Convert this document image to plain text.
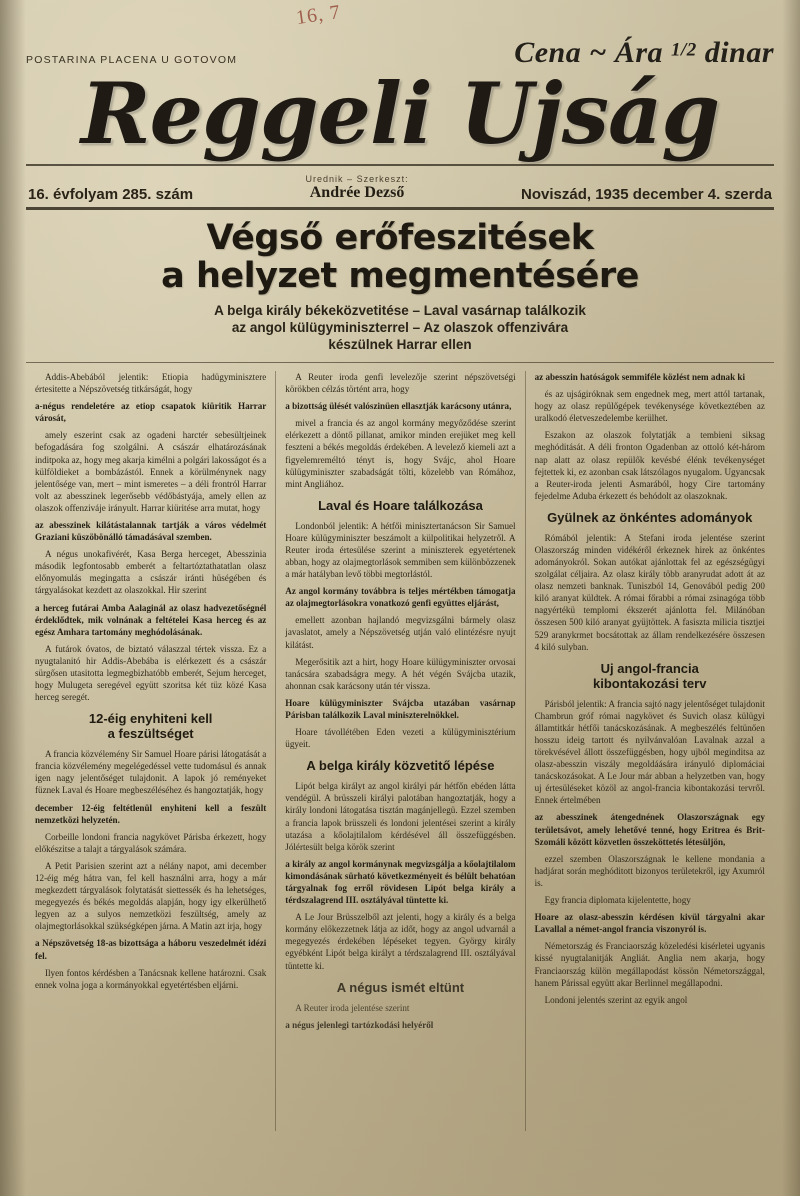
16, 7
POSTARINA PLACENA U GOTOVOM	Cena ~ Ára $^{1/2}$ dinar
Reggeli Ujság
16. évfolyam 285. szám
Urednik – Szerkeszt:
Andrée Dezső	Noviszád, 1935 december 4. szerda
Végső erőfeszitések
a helyzet megmentésére
A belga király békeközvetitése – Laval vasárnap találkozik
az angol külügyminiszterrel – Az olaszok offenzivára
készülnek Harrar ellen

Addis-Abebából jelentik: Etiopia hadügyminisztere értesitette a Népszövetség titkárságát, hogy

a-négus rendeletére az etiop csapatok kiüritik Harrar városát,

amely eszerint csak az ogadeni harctér sebesültjeinek befogadására fog szolgálni. A császár elhatározásának inditpoka az, hogy meg akarja kimélni a polgári lakosságot és a külföldieket a bombázástól. Ennek a körülménynek nagy jelentősége van, mert – mint ismeretes – a déli frontról Harrar volt az abesszinek legerősebb védőbástyája, amely ellen az olaszok offenziváje irányult. Harrar kiüritése arra mutat, hogy

az abesszinek kilátástalannak tartják a város védelmét Graziani küszöbönálló támadásával szemben.

A négus unokafivérét, Kasa Berga herceget, Abesszinia második legfontosabb emberét a feltartóztathatatlan olasz előnyomulás megingatta a császár iránti hüségében és tárgyalásokat kezdett az olaszokkal. Hir szerint

a herceg futárai Amba Aalaginál az olasz hadvezetőségnél érdeklődtek, mik volnának a feltételei Kasa herceg és az egész Amhara tartomány meghódolásának.

A futárok óvatos, de biztató válaszzal tértek vissza. Ez a nyugtalanitó hir Addis-Abebába is elérkezett és a császár sürgősen utasitotta legmegbizhatóbb emberét, Sejum herceget, hogy Mulugeta seregével együtt szoritsa két tüz közé Kasa herceg seregét.

12-éig enyhiteni kell
a feszültséget

A francia közvélemény Sir Samuel Hoare párisi látogatását a francia közvélemény megelégedéssel vette tudomásul és annak igen nagy jelentőséget tulajdonit. A lapok jó reményeket füznek Laval és Hoare megbeszéléséhez és hangoztatják, hogy

december 12-éig feltétlenül enyhiteni kell a feszült nemzetközi helyzetén.

Corbeille londoni francia nagykövet Párisba érkezett, hogy előkészitse a talajt a tárgyalások számára.

A Petit Parisien szerint azt a nélány napot, ami december 12-éig még hátra van, fel kell használni arra, hogy a már megkezdett tárgyalások folytatását siettessék és ha lehetséges, megegyezés és békés megoldás alapján, hogy igy elkerülhető legyen az a sulyos nemzetközi feszültség, amely az olajmegtorlásokkal szükségképen járna. A Matin azt irja, hogy

a Népszövetség 18-as bizottsága a háboru veszedelmét idézi fel.

Ilyen fontos kérdésben a Tanácsnak kellene határozni. Csak ennek volna joga a kormányokkal egyetértésben eljárni.

A Reuter iroda genfi levelezője szerint népszövetségi körökben célzás történt arra, hogy

a bizottság ülését valószinüen ellasztják karácsony utánra,

mivel a francia és az angol kormány megyőződése szerint elérkezett a döntő pillanat, amikor minden erejüket meg kell feszteni a békés megoldás érdekében. A levelező kiemeli azt a figyelemreméltó tényt is, hogy Svájc, ahol Hoare külügyminiszter szabadságát tölti, közelebb van Rómához, mint Angliához.

Laval és Hoare találkozása

Londonból jelentik: A hétfői minisztertanácson Sir Samuel Hoare külügyminiszter beszámolt a külpolitikai helyzetről. A Reuter iroda értesülése szerint a miniszterek egyetértenek abban, hogy az olajmegtorlások semmiben sem különbözzenek a már hatályban levő többi megtorlástól.

Az angol kormány továbbra is teljes mértékben támogatja az olajmegtorlásokra vonatkozó genfi együttes eljárást,

emellett azonban hajlandó megvizsgálni bármely olasz javaslatot, amely a Népszövetség utján való elintézésre nyujt kilátást.

Megerősitik azt a hirt, hogy Hoare külügyminiszter orvosai tanácsára szabadságra megy. A hét végén Svájcba utazik, ahonnan csak karácsony után tér vissza.

Hoare külügyminiszter Svájcba utazában vasárnap Párisban találkozik Laval miniszterelnökkel.

Hoare távollétében Eden vezeti a külügyminisztérium ügyeit.

A belga király közvetitő lépése

Lipót belga királyt az angol királyi pár hétfőn ebéden látta vendégül. A brüsszeli királyi palotában hangoztatják, hogy a király londoni látogatása tisztán magánjellegü. Ezzel szemben a francia lapok brüsszeli és londoni jelentései szerint a király utazása a kőolajtilalom kérdésével áll összefüggésben. Jólértesült belga körök szerint

a király az angol kormánynak megvizsgálja a kőolajtilalom kimondásának sürható következményeit és bélült behatóan tárgyalnak fog erről rövidesen Lipót belga király a térdszalagrend III. osztályával tüntette ki.

A Le Jour Brüsszelből azt jelenti, hogy a király és a belga kormány előkezzetnek látja az időt, hogy az angol udvarnál a megegyezés érdekében lépéseket tegyen. György király egyébként Lipót belga királyt a térdszalagrend III. osztályával tüntette ki.

A négus ismét eltünt

A Reuter iroda jelentése szerint

a négus jelenlegi tartózkodási helyéről

az abesszin hatóságok semmiféle közlést nem adnak ki

és az ujságiróknak sem engednek meg, mert attól tartanak, hogy az olasz repülőgépek tevékenysége következtében az uralkodó életveszedelembe kerülhet.

Eszakon az olaszok folytatják a tembieni siksag meghóditását. A déli fronton Ogadenban az ottoló két-három nap alatt az olasz repülők kevésbé élénk tevékenységet fejtettek ki, ez azonban csak látszólagos nyugalom. Ugyancsak a Reuter-iroda jelenti Asmarából, hogy Cire tartomány fejedelme Aduba érkezett és behódolt az olaszoknak.

Gyülnek az önkéntes adományok

Rómából jelentik: A Stefani iroda jelentése szerint Olaszország minden vidékéről érkeznek hirek az önkéntes adományokról. Sokan autókat ajánlottak fel az egészségügyi szolgálat céljaira. Az olasz király több aranyrudat adott át az olasz nemzeti banknak. Tuniszból 14, Genovából pedig 200 kiló aranyat küldtek. A római főrabbi a római zsinagóga több nagyértékü templomi ékszerét ajánlotta fel. Milánóban összesen 500 kiló aranyat gyüjtöttek. A fasiszta milicia tisztjei 529 aranykrmet bocsátottak az állam rendelkezésére összesen 4 kiló sulyban.

Uj angol-francia
kibontakozási terv

Párisból jelentik: A francia sajtó nagy jelentőséget tulajdonit Chambrun gróf római nagykövet és Suvich olasz külügyi államtitkár hétfői tanácskozásának. A megbeszélés feltünően hosszu ideig tartott és nyilvánvalóan Lavalnak azzal a törekvésével állott összefüggésben, hogy ujból meginditsa az olasz-abesszin viszály megoldáására irányuló diplomáciai tanácskozásokat. A Le Jour már abban a helyzetben van, hogy uj értesüléseket közöl az angol-francia kibontakozási tervről. Ennek értelmében

az abesszinek átengednének Olaszországnak egy területsávot, amely lehetővé tenné, hogy Eritrea és Brit-Szomáli között közvetlen összeköttetés létesüljön,

ezzel szemben Olaszországnak le kellene mondania a hadjárat során meghóditott bizonyos területekről, igy Axumról is.

Egy francia diplomata kijelentette, hogy

Hoare az olasz-abesszin kérdésen kivül tárgyalni akar Lavallal a német-angol francia viszonyról is.

Németország és Franciaország közeledési kisérletei ugyanis kissé nyugtalanitják Angliát. Anglia nem akarja, hogy Franciaország külön megállapodást kössön Németországgal, hanem Párissal együtt akar Berlinnel megállapodni.

Londoni jelentés szerint az egyik angol
